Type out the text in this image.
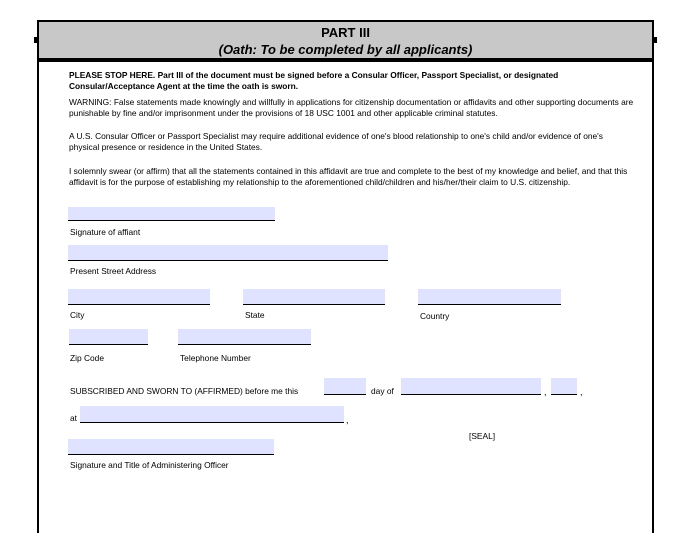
PART III
(Oath: To be completed by all applicants)
PLEASE STOP HERE. Part III of the document must be signed before a Consular Officer, Passport Specialist, or designated Consular/Acceptance Agent at the time the oath is sworn.
WARNING: False statements made knowingly and willfully in applications for citizenship documentation or affidavits and other supporting documents are punishable by fine and/or imprisonment under the provisions of 18 USC 1001 and other applicable criminal statutes.
A U.S. Consular Officer or Passport Specialist may require additional evidence of one's blood relationship to one's child and/or evidence of one's physical presence or residence in the United States.
I solemnly swear (or affirm) that all the statements contained in this affidavit are true and complete to the best of my knowledge and belief, and that this affidavit is for the purpose of establishing my relationship to the aforementioned child/children and his/her/their claim to U.S. citizenship.
Signature of affiant
Present Street Address
City	State	Country
Zip Code	Telephone Number
SUBSCRIBED AND SWORN TO (AFFIRMED) before me this	day of	,	,
at	,
[SEAL]
Signature and Title of Administering Officer
